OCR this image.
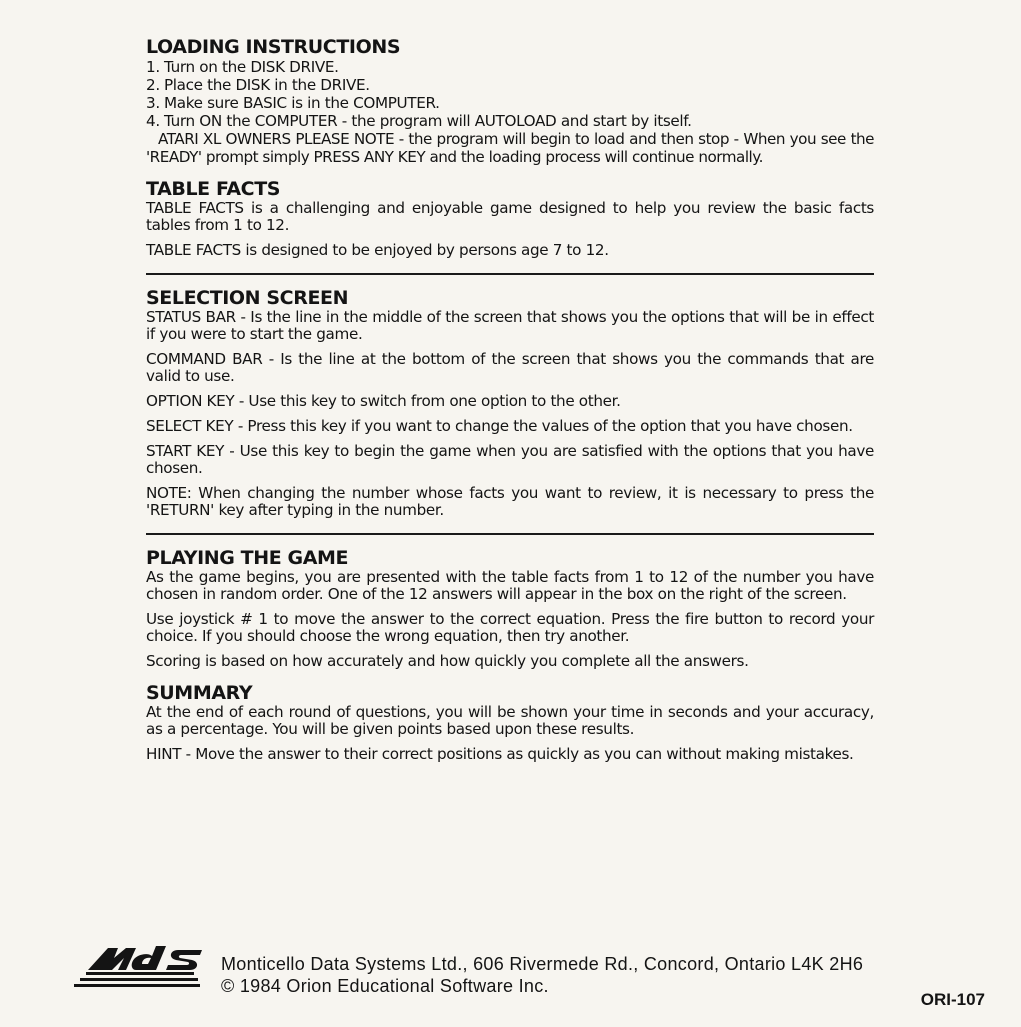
LOADING INSTRUCTIONS
1. Turn on the DISK DRIVE.
2. Place the DISK in the DRIVE.
3. Make sure BASIC is in the COMPUTER.
4. Turn ON the COMPUTER - the program will AUTOLOAD and start by itself.

ATARI XL OWNERS PLEASE NOTE - the program will begin to load and then stop - When you see the 'READY' prompt simply PRESS ANY KEY and the loading process will continue normally.

TABLE FACTS

TABLE FACTS is a challenging and enjoyable game designed to help you review the basic facts tables from 1 to 12.

TABLE FACTS is designed to be enjoyed by persons age 7 to 12.

SELECTION SCREEN

STATUS BAR - Is the line in the middle of the screen that shows you the options that will be in effect if you were to start the game.

COMMAND BAR - Is the line at the bottom of the screen that shows you the commands that are valid to use.

OPTION KEY - Use this key to switch from one option to the other.

SELECT KEY - Press this key if you want to change the values of the option that you have chosen.

START KEY - Use this key to begin the game when you are satisfied with the options that you have chosen.

NOTE: When changing the number whose facts you want to review, it is necessary to press the 'RETURN' key after typing in the number.

PLAYING THE GAME

As the game begins, you are presented with the table facts from 1 to 12 of the number you have chosen in random order. One of the 12 answers will appear in the box on the right of the screen.

Use joystick # 1 to move the answer to the correct equation. Press the fire button to record your choice. If you should choose the wrong equation, then try another.

Scoring is based on how accurately and how quickly you complete all the answers.

SUMMARY

At the end of each round of questions, you will be shown your time in seconds and your accuracy, as a percentage. You will be given points based upon these results.

HINT - Move the answer to their correct positions as quickly as you can without making mistakes.

Monticello Data Systems Ltd., 606 Rivermede Rd., Concord, Ontario L4K 2H6
© 1984 Orion Educational Software Inc.
ORI-107
